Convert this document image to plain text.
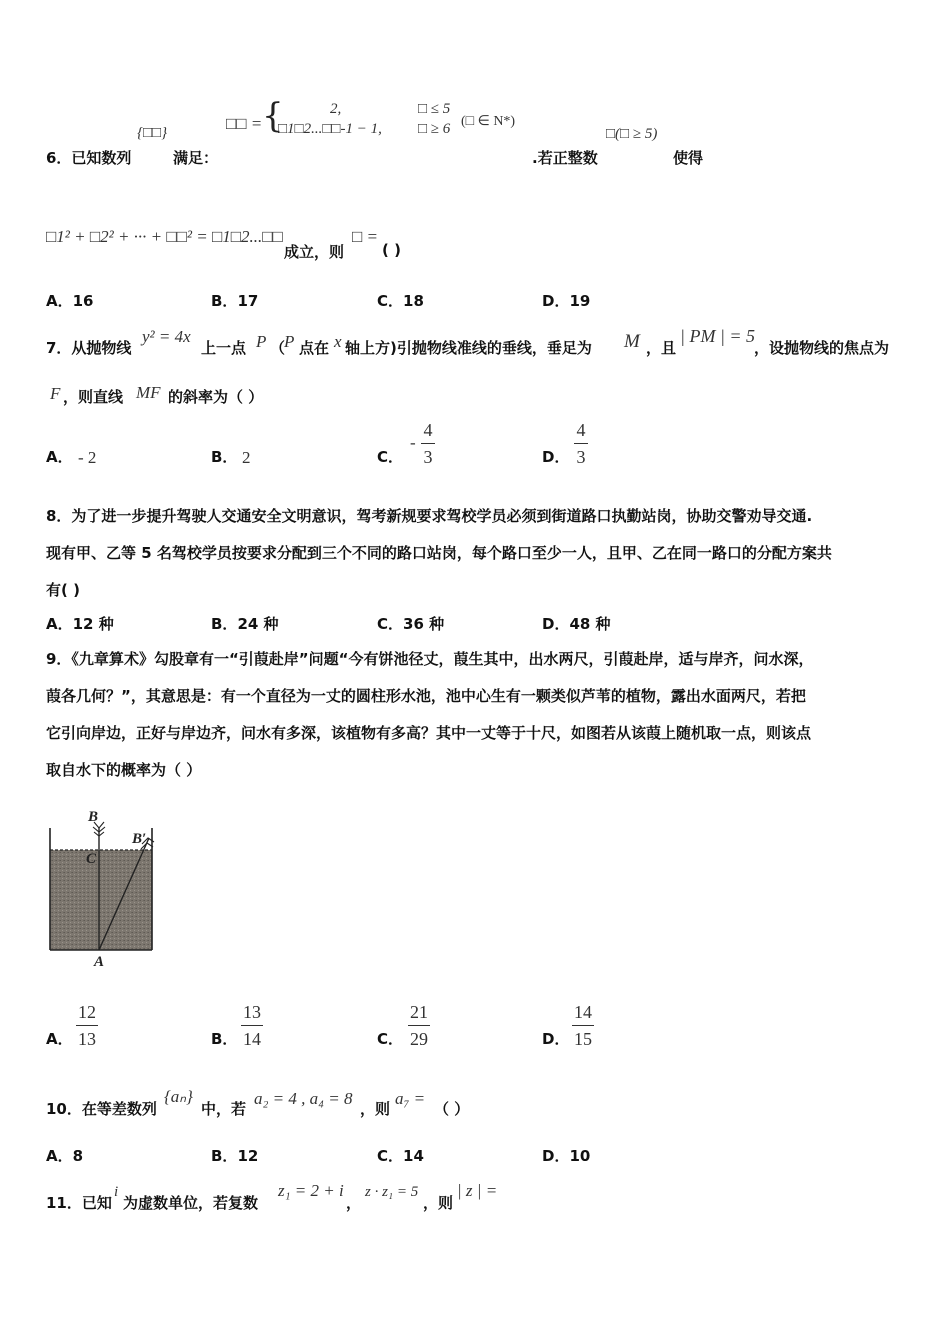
{□□}	□□ = {	2,	□ ≤ 5
□1□2...□□-1 − 1, □ ≥ 6 (□ ∈ N*)
□(□ ≥ 5)
6．已知数列	满足：	.若正整数	使得
□1² + □2² + ··· + □□² = □1□2...□□
成立，则
□ =
( )
A．16	B．17	C．18	D．19
7．从抛物线
y² = 4x
上一点 P （
P 点在 x 轴上方)引抛物线准线的垂线，垂足为 M ，且
| PM | = 5
，设抛物线的焦点为
F ，则直线 MF 的斜率为（ ）
A． - 2	B． 2	C．
-
4
3	D．
4
3
8．为了进一步提升驾驶人交通安全文明意识，驾考新规要求驾校学员必须到街道路口执勤站岗，协助交警劝导交通.
现有甲、乙等 5 名驾校学员按要求分配到三个不同的路口站岗，每个路口至少一人，且甲、乙在同一路口的分配方案共
有( )
A．12 种	B．24 种	C．36 种	D．48 种
9．《九章算术》勾股章有一“引葭赴岸”问题“今有饼池径丈，葭生其中，出水两尺，引葭赴岸，适与岸齐，问水深，
葭各几何？”，其意思是：有一个直径为一丈的圆柱形水池，池中心生有一颗类似芦苇的植物，露出水面两尺，若把
它引向岸边，正好与岸边齐，问水有多深，该植物有多高？其中一丈等于十尺，如图若从该葭上随机取一点，则该点
取自水下的概率为（ ）
B
B′
C
A
A．
12
13	B．
13
14	C．
21
29	D．
14
15
10．在等差数列
{aₙ}
中，若
a₂ = 4 , a₄ = 8
，则
a₇ =
（ ）
A．8	B．12	C．14	D．10
11．已知
i
为虚数单位，若复数
z₁ = 2 + i
，
z · z₁ = 5
，则
| z | =
